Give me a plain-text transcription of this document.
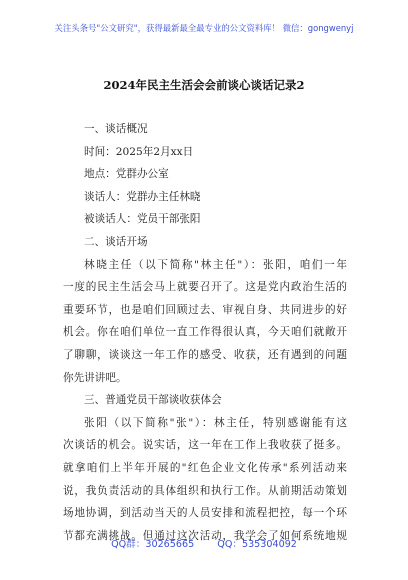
关注头条号"公文研究"，获得最新最全最专业的公文资料库！ 微信：gongwenyj
2024年民主生活会会前谈心谈话记录2
一、谈话概况
时间：2025年2月xx日
地点：党群办公室
谈话人：党群办主任林晓
被谈话人：党员干部张阳
二、谈话开场
林晓主任（以下简称"林主任"）：张阳，咱们一年
一度的民主生活会马上就要召开了。这是党内政治生活的
重要环节，也是咱们回顾过去、审视自身、共同进步的好
机会。你在咱们单位一直工作得很认真，今天咱们就敞开
了聊聊，谈谈这一年工作的感受、收获，还有遇到的问题
你先讲讲吧。
三、普通党员干部谈收获体会
张阳（以下简称"张"）：林主任，特别感谢能有这
次谈话的机会。说实话，这一年在工作上我收获了挺多。
就拿咱们上半年开展的"红色企业文化传承"系列活动来
说，我负责活动的具体组织和执行工作。从前期活动策划
场地协调，到活动当天的人员安排和流程把控，每一个环
节都充满挑战。但通过这次活动，我学会了如何系统地规
QQ群：30265665 QQ：535304092
